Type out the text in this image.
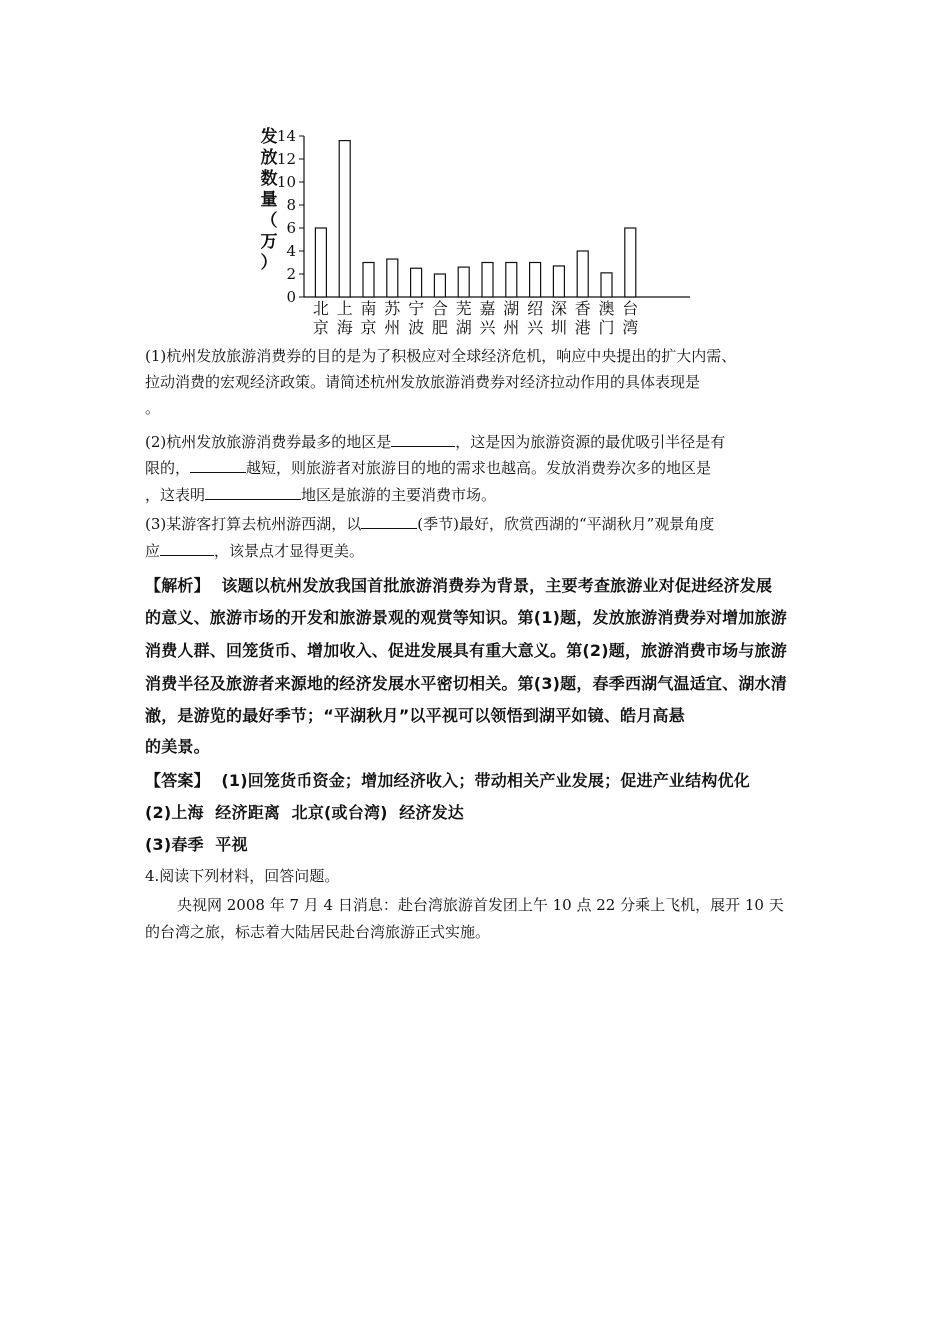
0
2
4
6
8
10
12
14
发
放
数
量
（
万
）
北
京
上
海
南
京
苏
州
宁
波
合
肥
芜
湖
嘉
兴
湖
州
绍
兴
深
圳
香
港
澳
门
台
湾
(1)杭州发放旅游消费券的目的是为了积极应对全球经济危机，响应中央提出的扩大内需、
拉动消费的宏观经济政策。请简述杭州发放旅游消费券对经济拉动作用的具体表现是
。
(2)杭州发放旅游消费券最多的地区是	，这是因为旅游资源的最优吸引半径是有
限的，	越短，则旅游者对旅游目的地的需求也越高。发放消费券次多的地区是
，这表明	地区是旅游的主要消费市场。
(3)某游客打算去杭州游西湖，以	(季节)最好，欣赏西湖的“平湖秋月”观景角度
应	，该景点才显得更美。
【解析】 该题以杭州发放我国首批旅游消费券为背景，主要考查旅游业对促进经济发展
的意义、旅游市场的开发和旅游景观的观赏等知识。第(1)题，发放旅游消费券对增加旅游
消费人群、回笼货币、增加收入、促进发展具有重大意义。第(2)题，旅游消费市场与旅游
消费半径及旅游者来源地的经济发展水平密切相关。第(3)题，春季西湖气温适宜、湖水清
澈，是游览的最好季节；“平湖秋月”以平视可以领悟到湖平如镜、皓月高悬
的美景。
【答案】 (1)回笼货币资金；增加经济收入；带动相关产业发展；促进产业结构优化
(2)上海  经济距离  北京(或台湾)  经济发达
(3)春季  平视
4.阅读下列材料，回答问题。
央视网 2008 年 7 月 4 日消息：赴台湾旅游首发团上午 10 点 22 分乘上飞机，展开 10 天
的台湾之旅，标志着大陆居民赴台湾旅游正式实施。
